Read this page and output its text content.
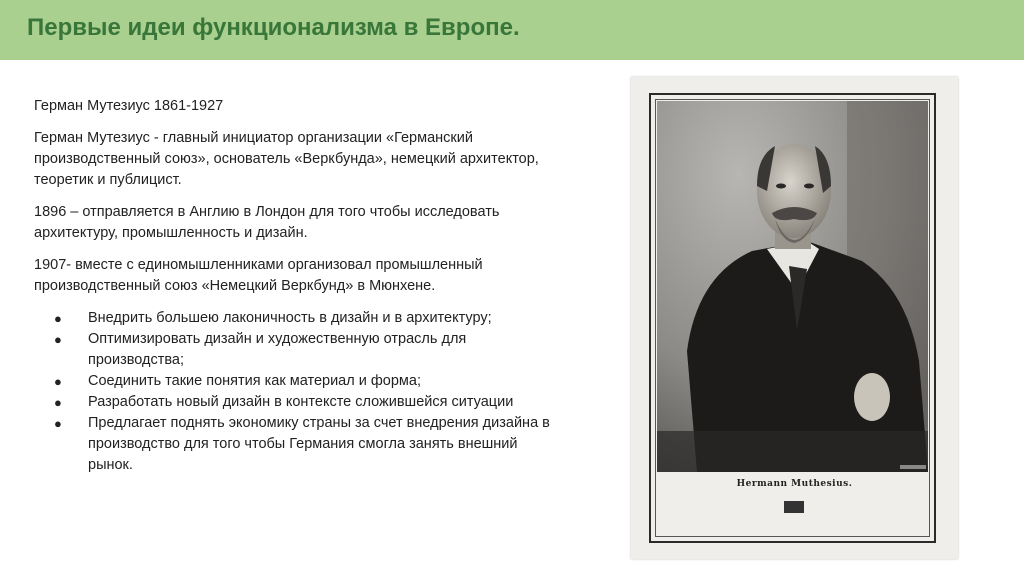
Первые идеи функционализма в Европе.

Герман Мутезиус 1861-1927

Герман Мутезиус - главный инициатор организации «Германский производственный союз», основатель «Веркбунда», немецкий архитектор, теоретик и публицист.

1896 – отправляется в Англию в Лондон для того чтобы исследовать архитектуру, промышленность и дизайн.

1907- вместе с единомышленниками организовал промышленный производственный союз «Немецкий Веркбунд» в Мюнхене.

● Внедрить большею лаконичность в дизайн и в архитектуру;
● Оптимизировать дизайн и художественную отрасль для производства;
● Соединить такие понятия как материал и форма;
● Разработать новый дизайн в контексте сложившейся ситуации
● Предлагает поднять экономику страны за счет внедрения дизайна в производство для того чтобы Германия смогла занять внешний рынок.
Hermann Muthesius.
